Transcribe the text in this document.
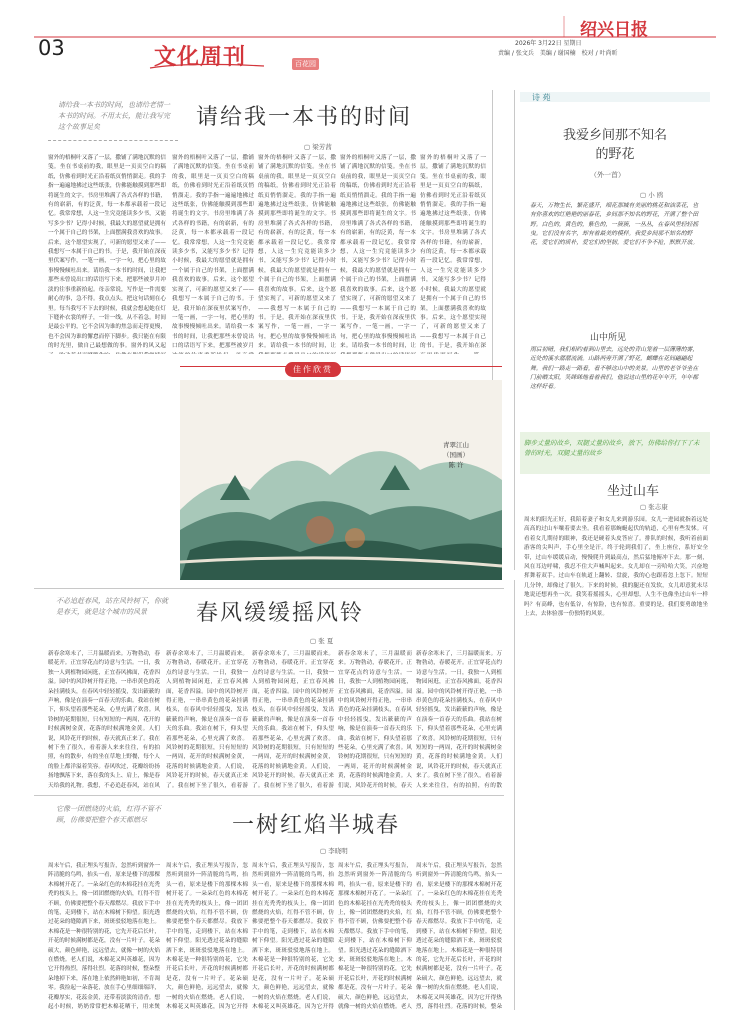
03	文化周刊	百花园
绍兴日报
2026年 3月22日 星期日
责编 / 张文兵　美编 / 谢国楠　校对 / 叶尚昕
请给我一本书的时间，也请给老情一本书的时间。不用太长，能让我写完这个故事足矣	请给我一本书的时间
▢ 梁芳茜
窗外的梧桐叶又落了一层，撒铺了满地沉默的信笺。坐在书桌前的我，眼里是一页页空白的稿纸，仿佛看到时光正沿着纸页悄悄溜走。我的手指一遍遍地拂过这些纸张，仿佛能触摸到那些即将诞生的文字。书房里堆满了各式各样的书籍，有的崭新，有的泛黄，每一本都承载着一段记忆。我常常想，人这一生究竟能读多少书，又能写多少书？记得小时候，我最大的愿望就是拥有一个属于自己的书架，上面摆满我喜欢的故事。后来，这个愿望实现了，可新的愿望又来了——我想写一本属于自己的书。于是，我开始在深夜里伏案写作，一笔一画，一字一句，把心里的故事慢慢倾吐出来。请给我一本书的时间，让我把那些未曾说出口的话语写下来，把那些被岁月冲淡的往事重新拾起。母亲常说，写作是一件需要耐心的事，急不得。我点点头，把这句话刻在心里。每当我写不下去的时候，我就会想起她在灯下缝补衣裳的样子，一针一线，从不着急。时间是最公平的，它不会因为谁的焦急而走得更慢，也不会因为谁的懈怠而停下脚步。我只能在有限的时光里，做自己最想做的事。窗外的风又起
窗外的梧桐叶又落了一层，撒铺了满地沉默的信笺。坐在书桌前的我，眼里是一页页空白的稿纸，仿佛看到时光正沿着纸页悄悄溜走。我的手指一遍遍地拂过这些纸张，仿佛能触摸到那些即将诞生的文字。书房里堆满了各式各样的书籍，有的崭新，有的泛黄，每一本都承载着一段记忆。我常常想，人这一生究竟能读多少书，又能写多少书？记得小时候，我最大的愿望就是拥有一个属于自己的书架，上面摆满我喜欢的故事。后来，这个愿望实现了，可新的愿望又来了——我想写一本属于自己的书。于是，我开始在深夜里伏案写作，一笔一画，一字一句，把心里的故事慢慢倾吐出来。请给我一本书的时间，让我把那些未曾说出口的话语写下来，把那些被岁月
窗外的梧桐叶又落了一层，撒铺了满地沉默的信笺。坐在书桌前的我，眼里是一页页空白的稿纸，仿佛看到时光正沿着纸页悄悄溜走。我的手指一遍遍地拂过这些纸张，仿佛能触摸到那些即将诞生的文字。书房里堆满了各式各样的书籍，有的崭新，有的泛黄，每一本都承载着一段记忆。我常常想，人这一生究竟能读多少书，又能写多少书？记得小时候，我最大的愿望就是拥有一个属于自己的书架，上面摆满我喜欢的故事。后来，这个愿望实现了，可新的愿望又来了——我想写一本属于自己的书。于是，我开始在深夜里伏案写作，一笔一画，一字一句，把心里的故事慢慢倾吐出来。请给我一本书的时间，让
窗外的梧桐叶又落了一层，撒铺了满地沉默的信笺。坐在书桌前的我，眼里是一页页空白的稿纸，仿佛看到时光正沿着纸页悄悄溜走。我的手指一遍遍地拂过这些纸张，仿佛能触摸到那些即将诞生的文字。书房里堆满了各式各样的书籍，有的崭新，有的泛黄，每一本都承载着一段记忆。我常常想，人这一生究竟能读多少书，又能写多少书？记得小时候，我最大的愿望就是拥有一个属于自己的书架，上面摆满我喜欢的故事。后来，这个愿望实现了，可新的愿望又来了——我想写一本属于自己的书。于是，我开始在深夜里伏案写作，一笔一画，一字一句，把心里的故事慢慢倾吐出来。请给我一本书的时间，让
窗外的梧桐叶又落了一层，撒铺了满地沉默的信笺。坐在书桌前的我，眼里是一页页空白的稿纸，仿佛看到时光正沿着纸页悄悄溜走。我的手指一遍遍地拂过这些纸张，仿佛能触摸到那些即将诞生的文字。书房里堆满了各式各样的书籍，有的崭新，有的泛黄，每一本都承载着一段记忆。我常常想，人这一生究竟能读多少书，又能写多少书？记得小时候，我最大的愿望就是拥有一个属于自己的书架，上面摆满我喜欢的故事。后来，这个愿望实现了，可新的愿望又来了——我想写一本属于自己的书。于是，我开始在深
佳作欣赏
青翠江山
（国画）
陈 许
诗 苑
我爱乡间那不知名的野花
（外一首）
▢ 小 鸥
春天，万物生长，繁花盛开，细花那城有美丽的桃花和油菜花，也有你喜欢的红艳艳的丽春花，乡间那不知名的野花，开满了整个田野。白色的，黄色的，紫色的，一簇簇，一丛丛，在春风里轻轻摇曳。它们没有名字，却有着最美的模样。我爱乡间那不知名的野花，爱它们的质朴，爱它们的坚韧，爱它们不争不抢，默默开放。
山中所见
雨后初晴，我们相约着到山里去，远处的青山笼着一层薄薄的雾，近处的溪水潺潺流淌。山路两旁开满了野花，蝴蝶在花间翩翩起舞。我们一路走一路看，看不够这山中的美景。山里的老爷爷坐在门前晒太阳，笑眯眯地看着我们，他说这山里的花年年开，年年都这样好看。
脚步丈量的故乡，双腿丈量的故乡，放下，仿佛给你打下了未曾的时光，双腿丈量的故乡
坐过山车
▢ 张志康
周末的阳光正好，我陪着妻子和女儿来到游乐园。女儿一进园就指着远处高高的过山车嚷着要去坐。我看着那蜿蜒起伏的轨道，心里有些发怵。可看着女儿期待的眼神，我还是硬着头皮答应了。排队的时候，我听着前面游客的尖叫声，手心里全是汗。终于轮到我们了，坐上座位，系好安全带，过山车缓缓启动，慢慢爬升到最高点，然后猛地俯冲下去。那一刻，风在耳边呼啸，我忍不住大声喊叫起来。女儿却在一旁哈哈大笑，兴奋地挥舞着双手。过山车在轨道上翻转、盘旋，我的心也跟着忽上忽下。短短几分钟，却像过了很久。下来的时候，我的腿还在发软，女儿却意犹未尽地说还想再坐一次。我笑着摇摇头，心里却想，人生不也像坐过山车一样吗？有高峰，也有低谷，有惊险，也有惊喜。重要的是，我们要勇敢地坐上去，去体验那一份独特的风景。
不必追赶春风，站在风铃树下，你就是春天，就是这个城市的风景	春风缓缓摇风铃
▢ 张 夏
新春余寒未了，三月温暖而来。万物勃动，春暖花开。正宜穿花点约诗意与生活。一日，我独一人到植物园闲逛，正宜春风拂面，花香四溢。园中的风铃树开得正艳，一串串黄色的花朵挂满枝头，在春风中轻轻摇曳，发出簌簌的声响，像是在演奏一首春天的乐曲。我站在树下，仰头望着那些花朵，心里充满了欢喜。风铃树的花期很短，只有短短的一两周，花开的时候满树金黄，花落的时候满地金黄。人们说，风铃花开的时候，春天就真正来了。我在树下坐了很久，看着游人来来往往，有的拍照，有的散步，有的坐在草地上野餐，每个人的脸上都洋溢着笑容。春风吹过，花瓣纷纷扬扬地飘落下来，落在我的头上、肩上，像是春天给我的礼物。我想，不必追赶春风，站在风
新春余寒未了，三月温暖而来。万物勃动，春暖花开。正宜穿花点约诗意与生活。一日，我独一人到植物园闲逛，正宜春风拂面，花香四溢。园中的风铃树开得正艳，一串串黄色的花朵挂满枝头，在春风中轻轻摇曳，发出簌簌的声响，像是在演奏一首春天的乐曲。我站在树下，仰头望着那些花朵，心里充满了欢喜。风铃树的花期很短，只有短短的一两周，花开的时候满树金黄，花落的时候满地金黄。人们说，风铃花开的时候，春天就真正来了。我在树下坐了很久，看着游
新春余寒未了，三月温暖而来。万物勃动，春暖花开。正宜穿花点约诗意与生活。一日，我独一人到植物园闲逛，正宜春风拂面，花香四溢。园中的风铃树开得正艳，一串串黄色的花朵挂满枝头，在春风中轻轻摇曳，发出簌簌的声响，像是在演奏一首春天的乐曲。我站在树下，仰头望着那些花朵，心里充满了欢喜。风铃树的花期很短，只有短短的一两周，花开的时候满树金黄，花落的时候满地金黄。人们说，风铃花开的时候，春天就真正来了。我在树下坐了很久，看着游
新春余寒未了，三月温暖而来。万物勃动，春暖花开。正宜穿花点约诗意与生活。一日，我独一人到植物园闲逛，正宜春风拂面，花香四溢。园中的风铃树开得正艳，一串串黄色的花朵挂满枝头，在春风中轻轻摇曳，发出簌簌的声响，像是在演奏一首春天的乐曲。我站在树下，仰头望着那些花朵，心里充满了欢喜。风铃树的花期很短，只有短短的一两周，花开的时候满树金黄，花落的时候满地金黄。人们说，风铃花开的时候，春天
新春余寒未了，三月温暖而来。万物勃动，春暖花开。正宜穿花点约诗意与生活。一日，我独一人到植物园闲逛，正宜春风拂面，花香四溢。园中的风铃树开得正艳，一串串黄色的花朵挂满枝头，在春风中轻轻摇曳，发出簌簌的声响，像是在演奏一首春天的乐曲。我站在树下，仰头望着那些花朵，心里充满了欢喜。风铃树的花期很短，只有短短的一两周，花开的时候满树金黄，花落的时候满地金黄。人们说，风铃花开的时候，春天就真正来了。我在树下坐了很久，看着游人来来往往，有的拍照，有的散
它像一团燃烧的火焰，红得不管不顾，仿佛要把整个春天都燃尽	一树红焰半城春
▢ 李晓明
周末午后，我正埋头写报告，忽然听到窗外一阵清脆的鸟鸣，抬头一看，原来是楼下的那棵木棉树开花了。一朵朵红色的木棉花挂在光秃秃的枝头上，像一团团燃烧的火焰，红得不管不顾，仿佛要把整个春天都燃尽。我放下手中的笔，走到楼下，站在木棉树下仰望。阳光透过花朵的缝隙洒下来，斑斑驳驳地落在地上。木棉花是一种很特别的花，它先开花后长叶，开花的时候满树都是花，没有一片叶子。花朵硕大，颜色鲜艳，远远望去，就像一树的火焰在燃烧。老人们说，木棉花又叫英雄花，因为它开得热烈，落得壮烈。花落的时候，整朵整朵地掉下来，落在地上依然鲜艳如初，不肯凋零。我捡起一朵落花，放在手心里细细端详，花瓣厚实，花蕊金黄，还带着淡淡的清香。想起小时候，奶奶常常把木棉花晒干，用来煲
周末午后，我正埋头写报告，忽然听到窗外一阵清脆的鸟鸣，抬头一看，原来是楼下的那棵木棉树开花了。一朵朵红色的木棉花挂在光秃秃的枝头上，像一团团燃烧的火焰，红得不管不顾，仿佛要把整个春天都燃尽。我放下手中的笔，走到楼下，站在木棉树下仰望。阳光透过花朵的缝隙洒下来，斑斑驳驳地落在地上。木棉花是一种很特别的花，它先开花后长叶，开花的时候满树都是花，没有一片叶子。花朵硕大，颜色鲜艳，远远望去，就像一树的火焰在燃烧。老人们说，木棉花又叫英雄花，因为它开得
周末午后，我正埋头写报告，忽然听到窗外一阵清脆的鸟鸣，抬头一看，原来是楼下的那棵木棉树开花了。一朵朵红色的木棉花挂在光秃秃的枝头上，像一团团燃烧的火焰，红得不管不顾，仿佛要把整个春天都燃尽。我放下手中的笔，走到楼下，站在木棉树下仰望。阳光透过花朵的缝隙洒下来，斑斑驳驳地落在地上。木棉花是一种很特别的花，它先开花后长叶，开花的时候满树都是花，没有一片叶子。花朵硕大，颜色鲜艳，远远望去，就像一树的火焰在燃烧。老人们说，木棉花又叫英雄花，因为它开得
周末午后，我正埋头写报告，忽然听到窗外一阵清脆的鸟鸣，抬头一看，原来是楼下的那棵木棉树开花了。一朵朵红色的木棉花挂在光秃秃的枝头上，像一团团燃烧的火焰，红得不管不顾，仿佛要把整个春天都燃尽。我放下手中的笔，走到楼下，站在木棉树下仰望。阳光透过花朵的缝隙洒下来，斑斑驳驳地落在地上。木棉花是一种很特别的花，它先开花后长叶，开花的时候满树都是花，没有一片叶子。花朵硕大，颜色鲜艳，远远望去，就像一树的火焰在燃烧。老人
周末午后，我正埋头写报告，忽然听到窗外一阵清脆的鸟鸣，抬头一看，原来是楼下的那棵木棉树开花了。一朵朵红色的木棉花挂在光秃秃的枝头上，像一团团燃烧的火焰，红得不管不顾，仿佛要把整个春天都燃尽。我放下手中的笔，走到楼下，站在木棉树下仰望。阳光透过花朵的缝隙洒下来，斑斑驳驳地落在地上。木棉花是一种很特别的花，它先开花后长叶，开花的时候满树都是花，没有一片叶子。花朵硕大，颜色鲜艳，远远望去，就像一树的火焰在燃烧。老人们说，木棉花又叫英雄花，因为它开得热烈，落得壮烈。花落的时候，整朵
